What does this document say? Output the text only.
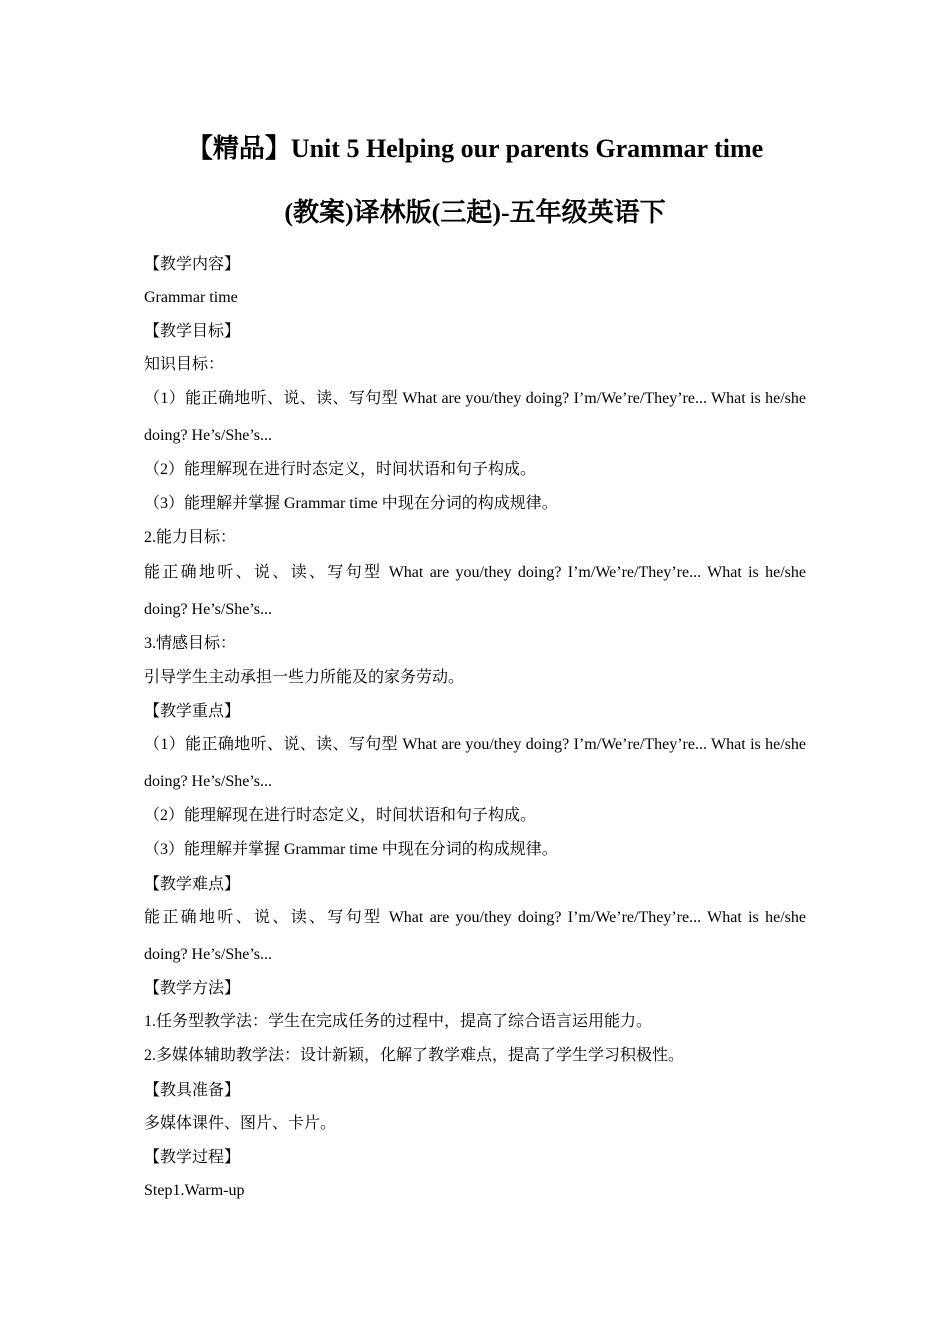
【精品】Unit 5 Helping our parents Grammar time
(教案)译林版(三起)-五年级英语下
【教学内容】
Grammar time
【教学目标】
知识目标：
（1）能正确地听、说、读、写句型 What are you/they doing? I’m/We’re/They’re... What is he/she
doing? He’s/She’s...
（2）能理解现在进行时态定义，时间状语和句子构成。
（3）能理解并掌握 Grammar time 中现在分词的构成规律。
2.能力目标：
能正确地听、说、读、写句型 What are you/they doing? I’m/We’re/They’re... What is he/she
doing? He’s/She’s...
3.情感目标：
引导学生主动承担一些力所能及的家务劳动。
【教学重点】
（1）能正确地听、说、读、写句型 What are you/they doing? I’m/We’re/They’re... What is he/she
doing? He’s/She’s...
（2）能理解现在进行时态定义，时间状语和句子构成。
（3）能理解并掌握 Grammar time 中现在分词的构成规律。
【教学难点】
能正确地听、说、读、写句型 What are you/they doing? I’m/We’re/They’re... What is he/she
doing? He’s/She’s...
【教学方法】
1.任务型教学法：学生在完成任务的过程中，提高了综合语言运用能力。
2.多媒体辅助教学法：设计新颖，化解了教学难点，提高了学生学习积极性。
【教具准备】
多媒体课件、图片、卡片。
【教学过程】
Step1.Warm-up
